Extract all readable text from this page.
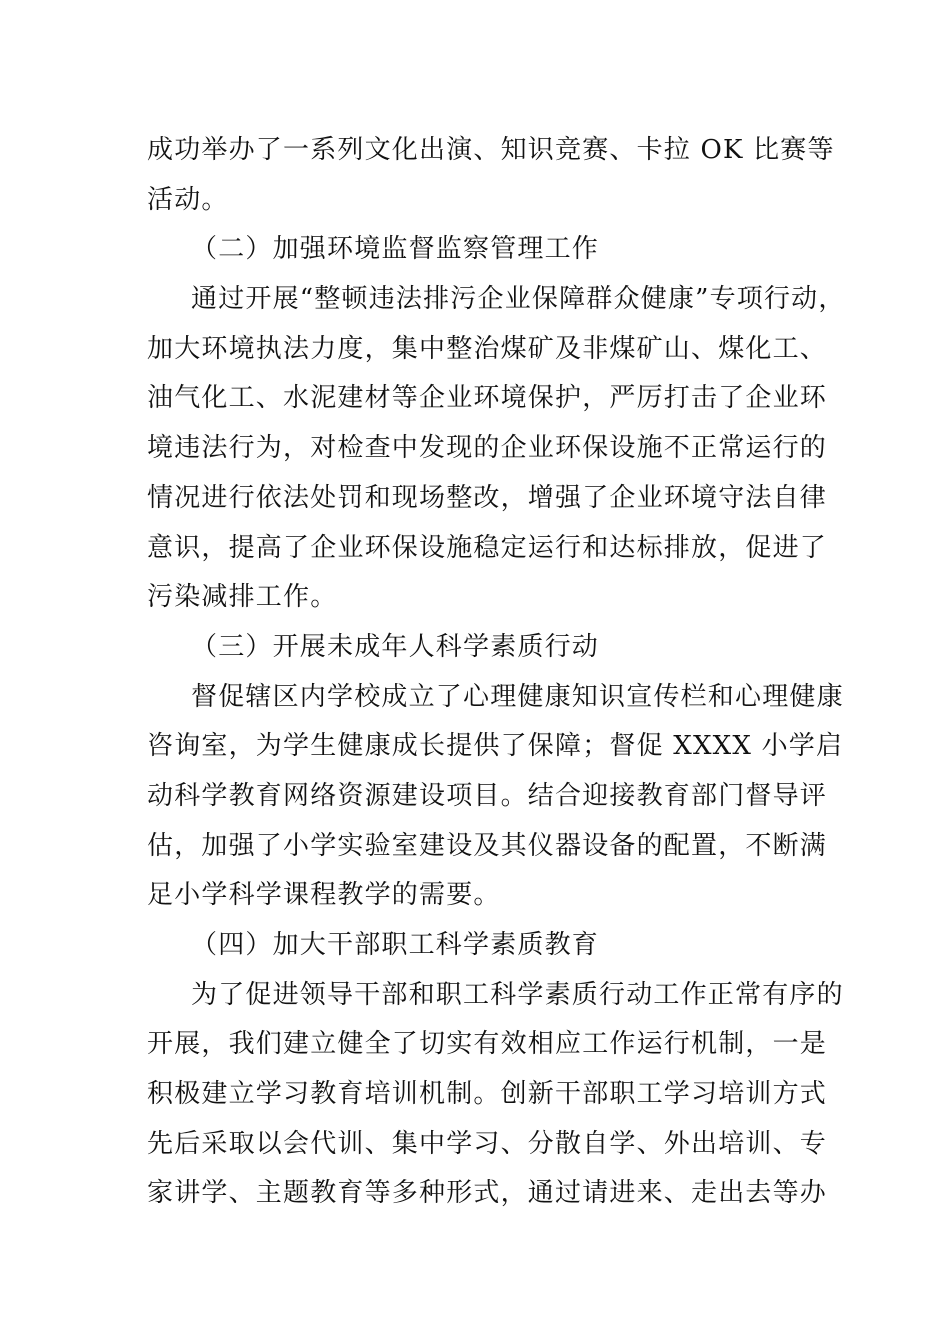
成功举办了一系列文化出演、知识竞赛、卡拉 OK 比赛等
活动。
（二）加强环境监督监察管理工作
通过开展“整顿违法排污企业保障群众健康”专项行动，
加大环境执法力度，集中整治煤矿及非煤矿山、煤化工、
油气化工、水泥建材等企业环境保护，严厉打击了企业环
境违法行为，对检查中发现的企业环保设施不正常运行的
情况进行依法处罚和现场整改，增强了企业环境守法自律
意识，提高了企业环保设施稳定运行和达标排放，促进了
污染减排工作。
（三）开展未成年人科学素质行动
督促辖区内学校成立了心理健康知识宣传栏和心理健康
咨询室，为学生健康成长提供了保障；督促 XXXX 小学启
动科学教育网络资源建设项目。结合迎接教育部门督导评
估，加强了小学实验室建设及其仪器设备的配置，不断满
足小学科学课程教学的需要。
（四）加大干部职工科学素质教育
为了促进领导干部和职工科学素质行动工作正常有序的
开展，我们建立健全了切实有效相应工作运行机制，一是
积极建立学习教育培训机制。创新干部职工学习培训方式
先后采取以会代训、集中学习、分散自学、外出培训、专
家讲学、主题教育等多种形式，通过请进来、走出去等办
